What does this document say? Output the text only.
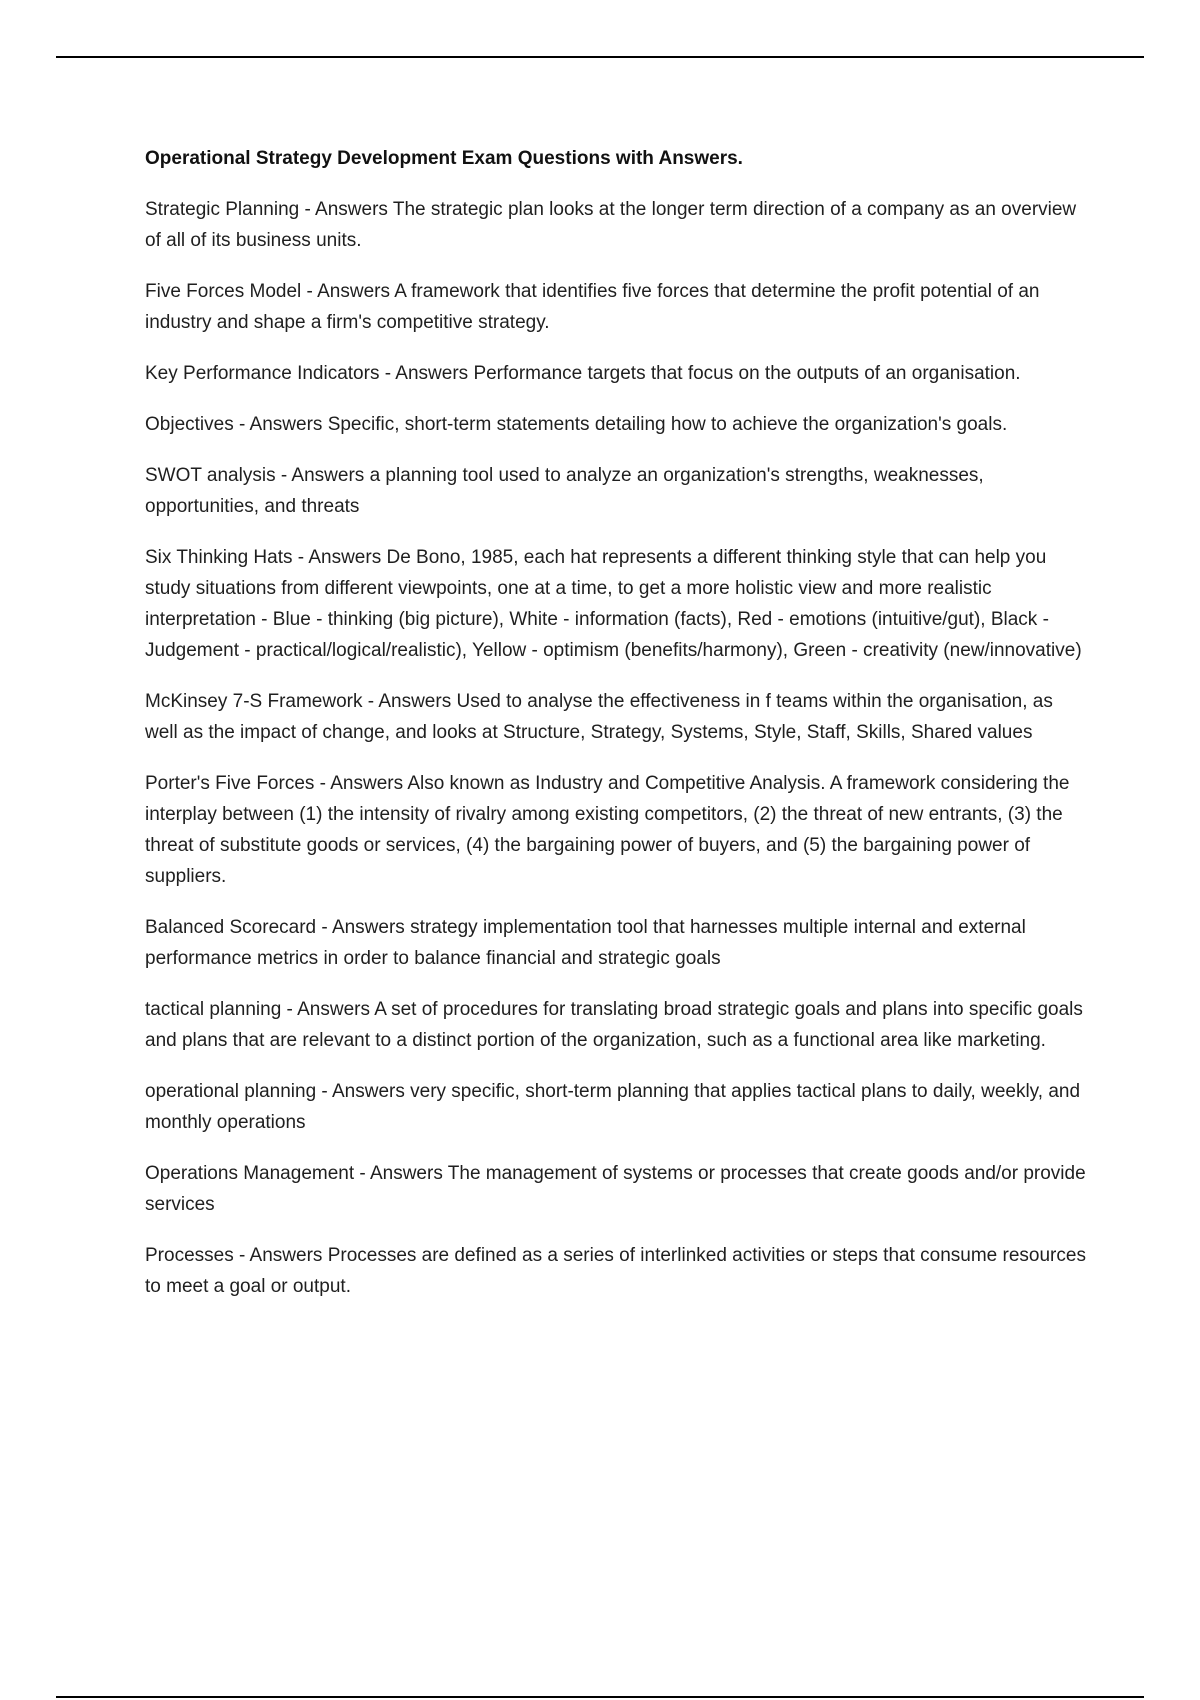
Operational Strategy Development Exam Questions with Answers.

Strategic Planning - Answers The strategic plan looks at the longer term direction of a company as an overview of all of its business units.

Five Forces Model - Answers A framework that identifies five forces that determine the profit potential of an industry and shape a firm's competitive strategy.

Key Performance Indicators - Answers Performance targets that focus on the outputs of an organisation.

Objectives - Answers Specific, short-term statements detailing how to achieve the organization's goals.

SWOT analysis - Answers a planning tool used to analyze an organization's strengths, weaknesses, opportunities, and threats

Six Thinking Hats - Answers De Bono, 1985, each hat represents a different thinking style that can help you study situations from different viewpoints, one at a time, to get a more holistic view and more realistic interpretation - Blue - thinking (big picture), White - information (facts), Red - emotions (intuitive/gut), Black - Judgement - practical/logical/realistic), Yellow - optimism (benefits/harmony), Green - creativity (new/innovative)

McKinsey 7-S Framework - Answers Used to analyse the effectiveness in f teams within the organisation, as well as the impact of change, and looks at Structure, Strategy, Systems, Style, Staff, Skills, Shared values

Porter's Five Forces - Answers Also known as Industry and Competitive Analysis. A framework considering the interplay between (1) the intensity of rivalry among existing competitors, (2) the threat of new entrants, (3) the threat of substitute goods or services, (4) the bargaining power of buyers, and (5) the bargaining power of suppliers.

Balanced Scorecard - Answers strategy implementation tool that harnesses multiple internal and external performance metrics in order to balance financial and strategic goals

tactical planning - Answers A set of procedures for translating broad strategic goals and plans into specific goals and plans that are relevant to a distinct portion of the organization, such as a functional area like marketing.

operational planning - Answers very specific, short-term planning that applies tactical plans to daily, weekly, and monthly operations

Operations Management - Answers The management of systems or processes that create goods and/or provide services

Processes - Answers Processes are defined as a series of interlinked activities or steps that consume resources to meet a goal or output.
